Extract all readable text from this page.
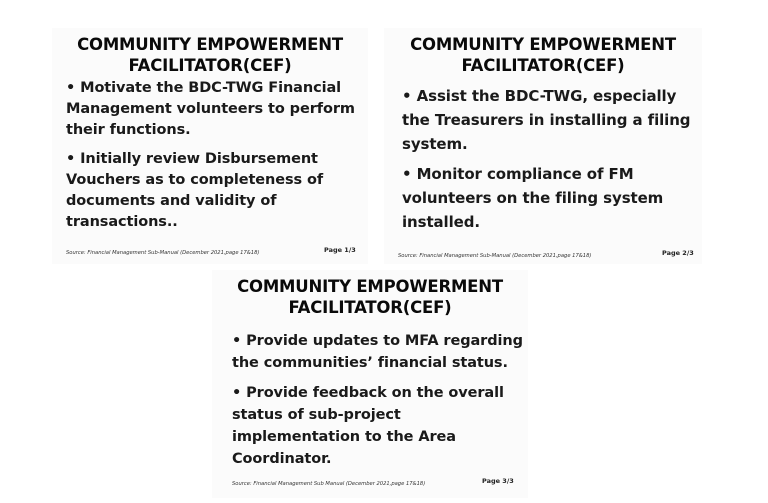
COMMUNITY EMPOWERMENT
FACILITATOR(CEF)
• Motivate the BDC-TWG Financial Management volunteers to perform their functions.
• Initially review Disbursement Vouchers as to completeness of documents and validity of transactions..
Source: Financial Management Sub-Manual (December 2021,page 17&18)	Page 1/3
COMMUNITY EMPOWERMENT
FACILITATOR(CEF)
• Assist the BDC-TWG, especially the Treasurers in installing a filing system.
• Monitor compliance of FM volunteers on the filing system installed.
Source: Financial Management Sub-Manual (December 2021,page 17&18)	Page 2/3
COMMUNITY EMPOWERMENT
FACILITATOR(CEF)
• Provide updates to MFA regarding the communities’ financial status.
• Provide feedback on the overall status of sub-project implementation to the Area Coordinator.
Source: Financial Management Sub Manual (December 2021,page 17&18)	Page 3/3
